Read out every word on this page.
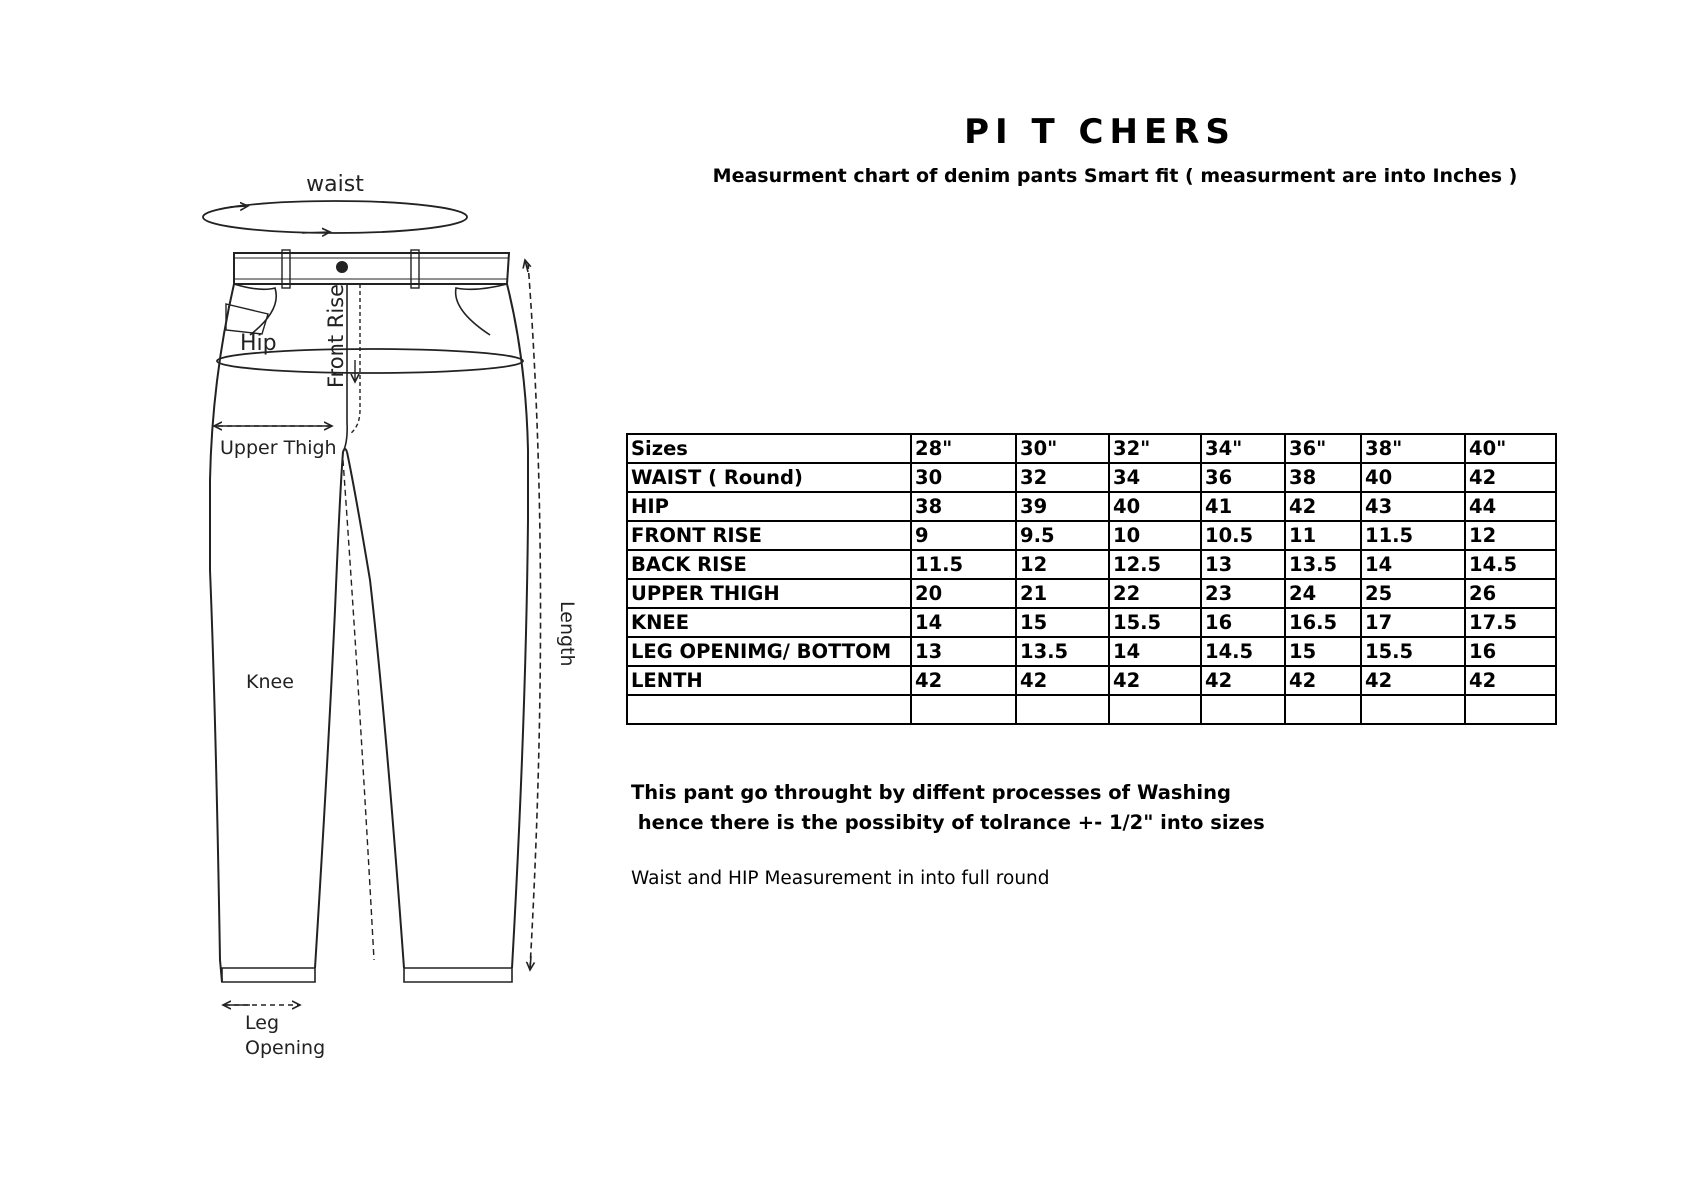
PI T CHERS
Measurment chart of denim pants Smart fit ( measurment are into Inches )
waist
Hip Front Rise
Upper Thigh
Knee
Length
Leg
Opening
Sizes	28"	30"	32"	34"	36"	38"	40"
WAIST ( Round)	30	32	34	36	38	40	42
HIP	38	39	40	41	42	43	44
FRONT RISE	9	9.5	10	10.5	11	11.5	12
BACK RISE	11.5	12	12.5	13	13.5	14	14.5
UPPER THIGH	20	21	22	23	24	25	26
KNEE	14	15	15.5	16	16.5	17	17.5
LEG OPENIMG/ BOTTOM	13	13.5	14	14.5	15	15.5	16
LENTH	42	42	42	42	42	42	42

This pant go throught by diffent processes of Washing
hence there is the possibity of tolrance +- 1/2" into sizes
Waist and HIP Measurement in into full round
